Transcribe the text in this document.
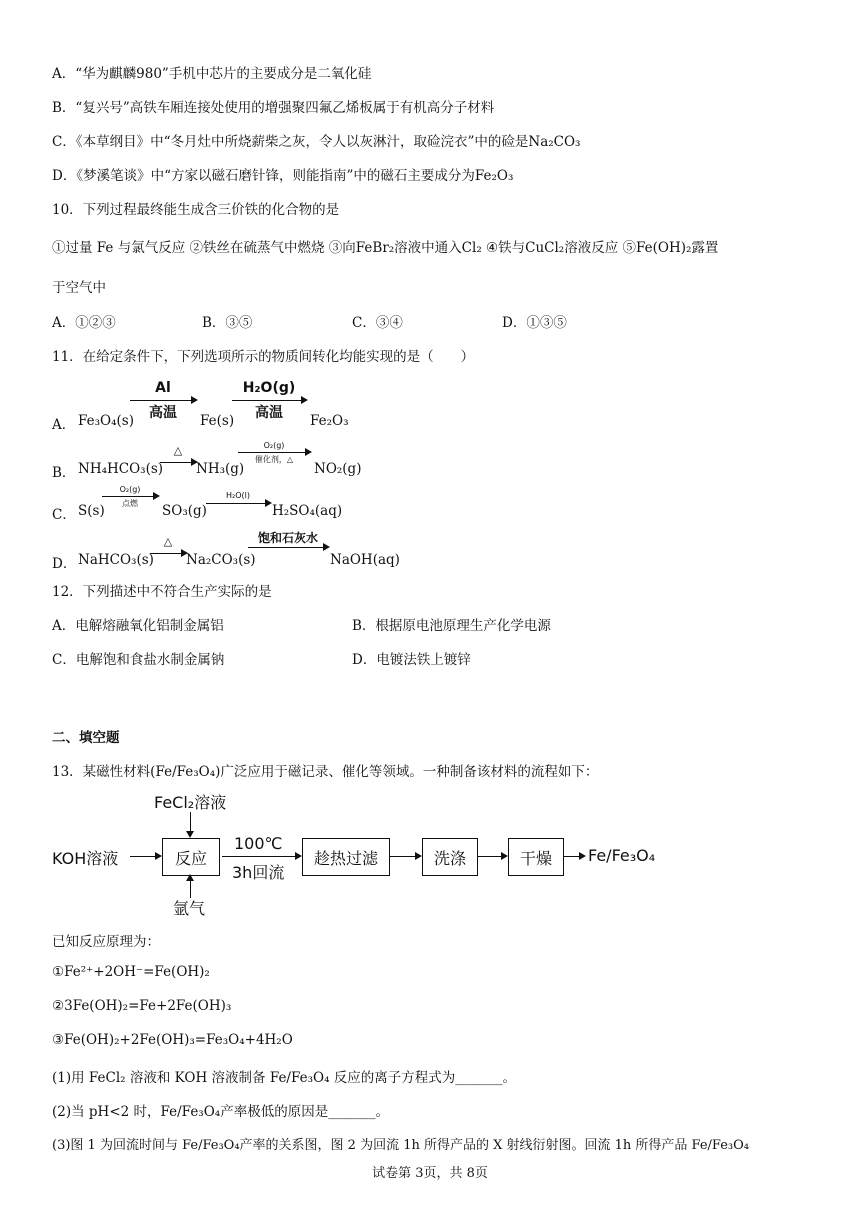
A．“华为麒麟980”手机中芯片的主要成分是二氧化硅
B．“复兴号”高铁车厢连接处使用的增强聚四氟乙烯板属于有机高分子材料
C．《本草纲目》中“冬月灶中所烧薪柴之灰，令人以灰淋汁，取硷浣衣”中的硷是Na₂CO₃
D．《梦溪笔谈》中“方家以磁石磨针锋，则能指南”中的磁石主要成分为Fe₂O₃
10．下列过程最终能生成含三价铁的化合物的是
①过量 Fe 与氯气反应 ②铁丝在硫蒸气中燃烧 ③向FeBr₂溶液中通入Cl₂ ④铁与CuCl₂溶液反应 ⑤Fe(OH)₂露置
于空气中
A．①②③	B．③⑤	C．③④	D．①③⑤
11．在给定条件下，下列选项所示的物质间转化均能实现的是（　　）
A． Fe₃O₄(s)
Al
高温	Fe(s)
H₂O(g)
高温	Fe₂O₃
B． NH₄HCO₃(s)
△
NH₃(g)
O₂(g)
催化剂，△
NO₂(g)
C． S(s)
O₂(g)
点燃	SO₃(g)
H₂O(l)
H₂SO₄(aq)
D． NaHCO₃(s)
△
Na₂CO₃(s)
饱和石灰水
NaOH(aq)
12．下列描述中不符合生产实际的是
A．电解熔融氧化铝制金属铝	B．根据原电池原理生产化学电源
C．电解饱和食盐水制金属钠	D．电镀法铁上镀锌
二、填空题
13．某磁性材料(Fe/Fe₃O₄)广泛应用于磁记录、催化等领域。一种制备该材料的流程如下：
FeCl₂溶液
KOH溶液	反应
100℃
3h回流
趁热过滤	洗涤	干燥	Fe/Fe₃O₄
氩气
已知反应原理为：
①Fe²⁺+2OH⁻=Fe(OH)₂
②3Fe(OH)₂=Fe+2Fe(OH)₃
③Fe(OH)₂+2Fe(OH)₃=Fe₃O₄+4H₂O
(1)用 FeCl₂ 溶液和 KOH 溶液制备 Fe/Fe₃O₄ 反应的离子方程式为_______。
(2)当 pH<2 时，Fe/Fe₃O₄产率极低的原因是_______。
(3)图 1 为回流时间与 Fe/Fe₃O₄产率的关系图，图 2 为回流 1h 所得产品的 X 射线衍射图。回流 1h 所得产品 Fe/Fe₃O₄
试卷第 3页，共 8页
